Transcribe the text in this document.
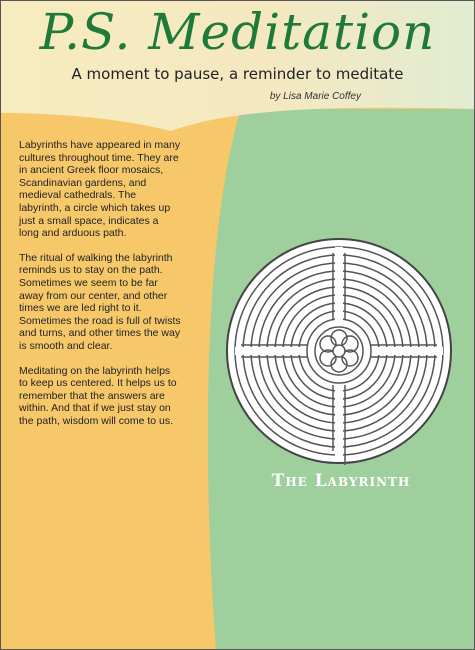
P.S. Meditation
A moment to pause, a reminder to meditate
by Lisa Marie Coffey

Labyrinths have appeared in many cultures throughout time. They are in ancient Greek floor mosaics, Scandinavian gardens, and medieval cathedrals. The labyrinth, a circle which takes up just a small space, indicates a long and arduous path.

The ritual of walking the labyrinth reminds us to stay on the path. Sometimes we seem to be far away from our center, and other times we are led right to it. Sometimes the road is full of twists and turns, and other times the way is smooth and clear.

Meditating on the labyrinth helps to keep us centered. It helps us to remember that the answers are within. And that if we just stay on the path, wisdom will come to us.

The Labyrinth
